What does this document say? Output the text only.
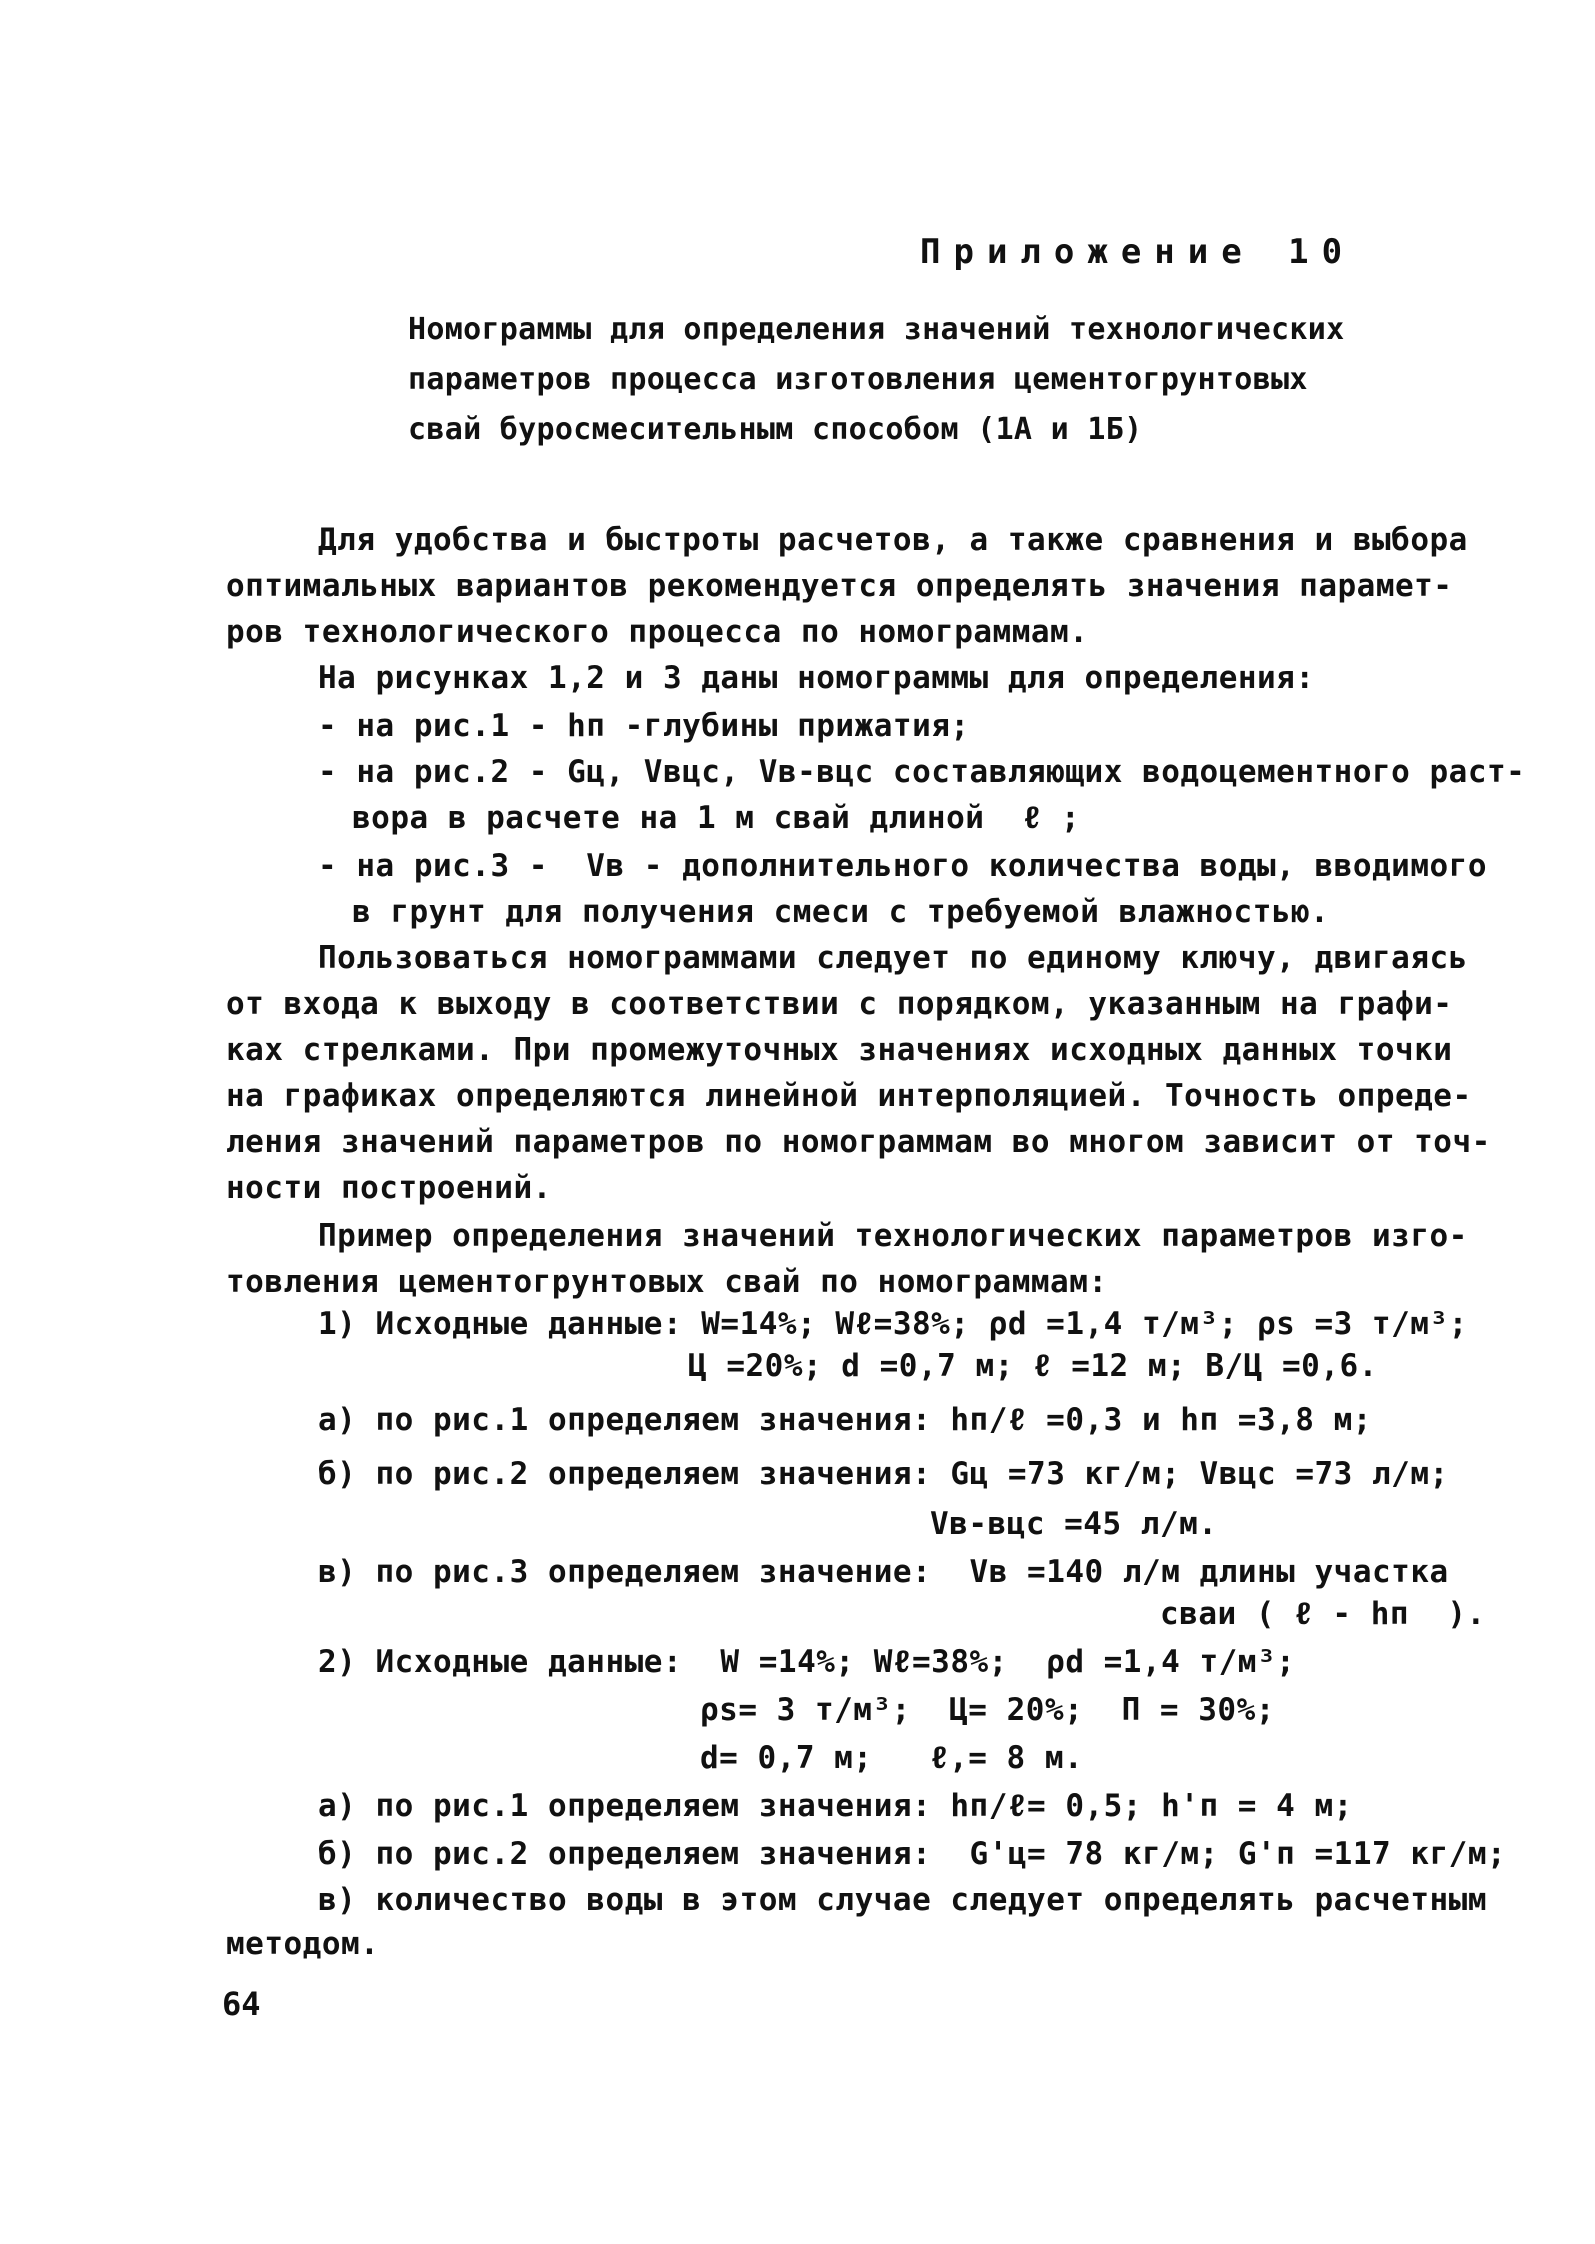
Приложение 10
Номограммы для определения значений технологических
параметров процесса изготовления цементогрунтовых
свай буросмесительным способом (1А и 1Б)
Для удобства и быстроты расчетов, а также сравнения и выбора
оптимальных вариантов рекомендуется определять значения парамет-
ров технологического процесса по номограммам.
На рисунках 1,2 и 3 даны номограммы для определения:
- на рис.1 - hп -глубины прижатия;
- на рис.2 - Gц, Vвцс, Vв-вцс составляющих водоцементного раст-
вора в расчете на 1 м свай длиной  ℓ ;
- на рис.3 -  Vв - дополнительного количества воды, вводимого
в грунт для получения смеси с требуемой влажностью.
Пользоваться номограммами следует по единому ключу, двигаясь
от входа к выходу в соответствии с порядком, указанным на графи-
ках стрелками. При промежуточных значениях исходных данных точки
на графиках определяются линейной интерполяцией. Точность опреде-
ления значений параметров по номограммам во многом зависит от точ-
ности построений.
Пример определения значений технологических параметров изго-
товления цементогрунтовых свай по номограммам:
1) Исходные данные: W=14%; Wℓ=38%; ρd =1,4 т/м³; ρs =3 т/м³;
Ц =20%; d =0,7 м; ℓ =12 м; В/Ц =0,6.
а) по рис.1 определяем значения: hп/ℓ =0,3 и hп =3,8 м;
б) по рис.2 определяем значения: Gц =73 кг/м; Vвцс =73 л/м;
Vв-вцс =45 л/м.
в) по рис.3 определяем значение:  Vв =140 л/м длины участка
сваи ( ℓ - hп  ).
2) Исходные данные:  W =14%; Wℓ=38%;  ρd =1,4 т/м³;
ρs= 3 т/м³;  Ц= 20%;  П = 30%;
d= 0,7 м;   ℓ,= 8 м.
а) по рис.1 определяем значения: hп/ℓ= 0,5; h'п = 4 м;
б) по рис.2 определяем значения:  G'ц= 78 кг/м; G'п =117 кг/м;
в) количество воды в этом случае следует определять расчетным
методом.
64
